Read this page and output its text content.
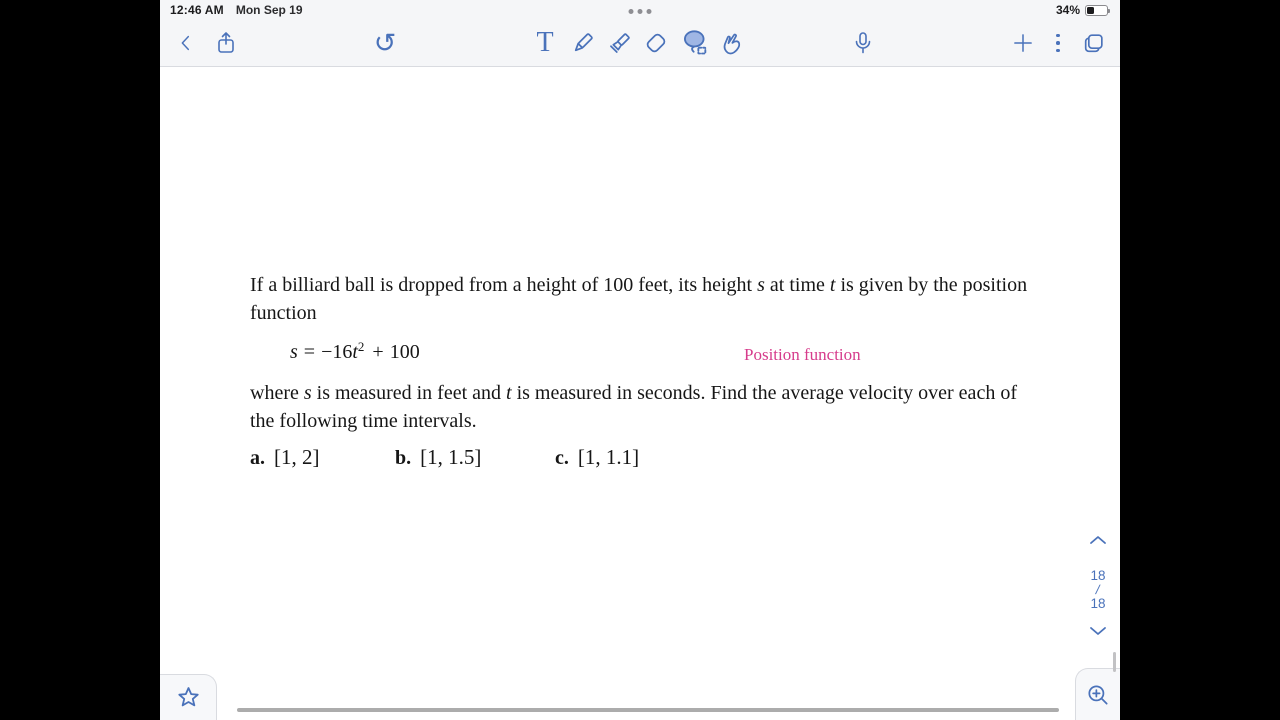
12:46 AM Mon Sep 19	34%
↺	T

If a billiard ball is dropped from a height of 100 feet, its height s at time t is given by the position function

$s = -16t^2 + 100$	Position function

where s is measured in feet and t is measured in seconds. Find the average velocity over each of the following time intervals.

a. [1, 2]	b. [1, 1.5]	c. [1, 1.1]
18
/
18
